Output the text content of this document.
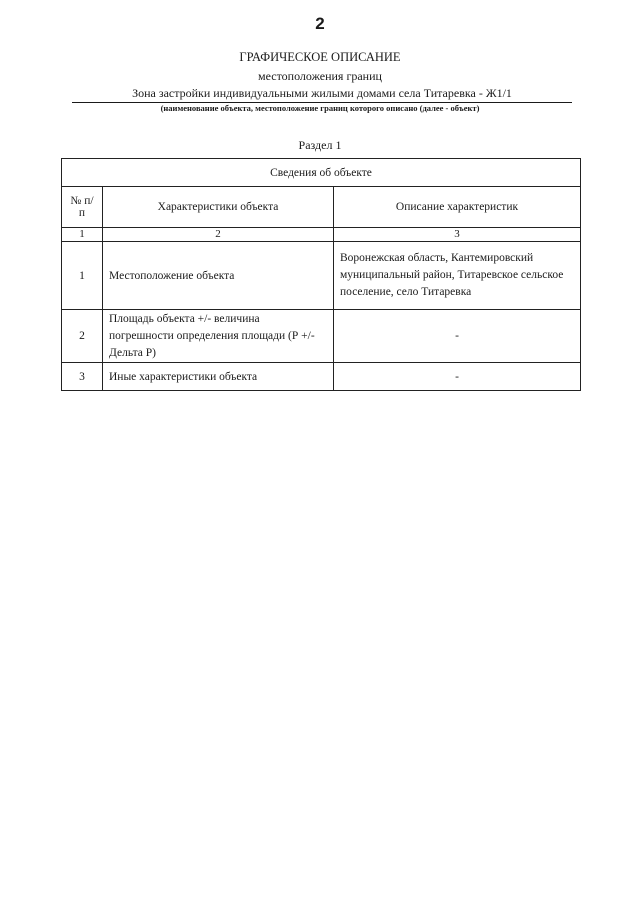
2
ГРАФИЧЕСКОЕ ОПИСАНИЕ
местоположения границ
Зона застройки индивидуальными жилыми домами села Титаревка - Ж1/1
(наименование объекта, местоположение границ которого описано (далее - объект)
Раздел 1
Сведения об объекте		
№ п/п	Характеристики объекта	Описание характеристик
1	2	3
1	Местоположение объекта	Воронежская область, Кантемировский муниципальный район, Титаревское сельское поселение, село Титаревка
2	Площадь объекта +/- величина погрешности определения площади (Р +/- Дельта Р)	-
3	Иные характеристики объекта	-
